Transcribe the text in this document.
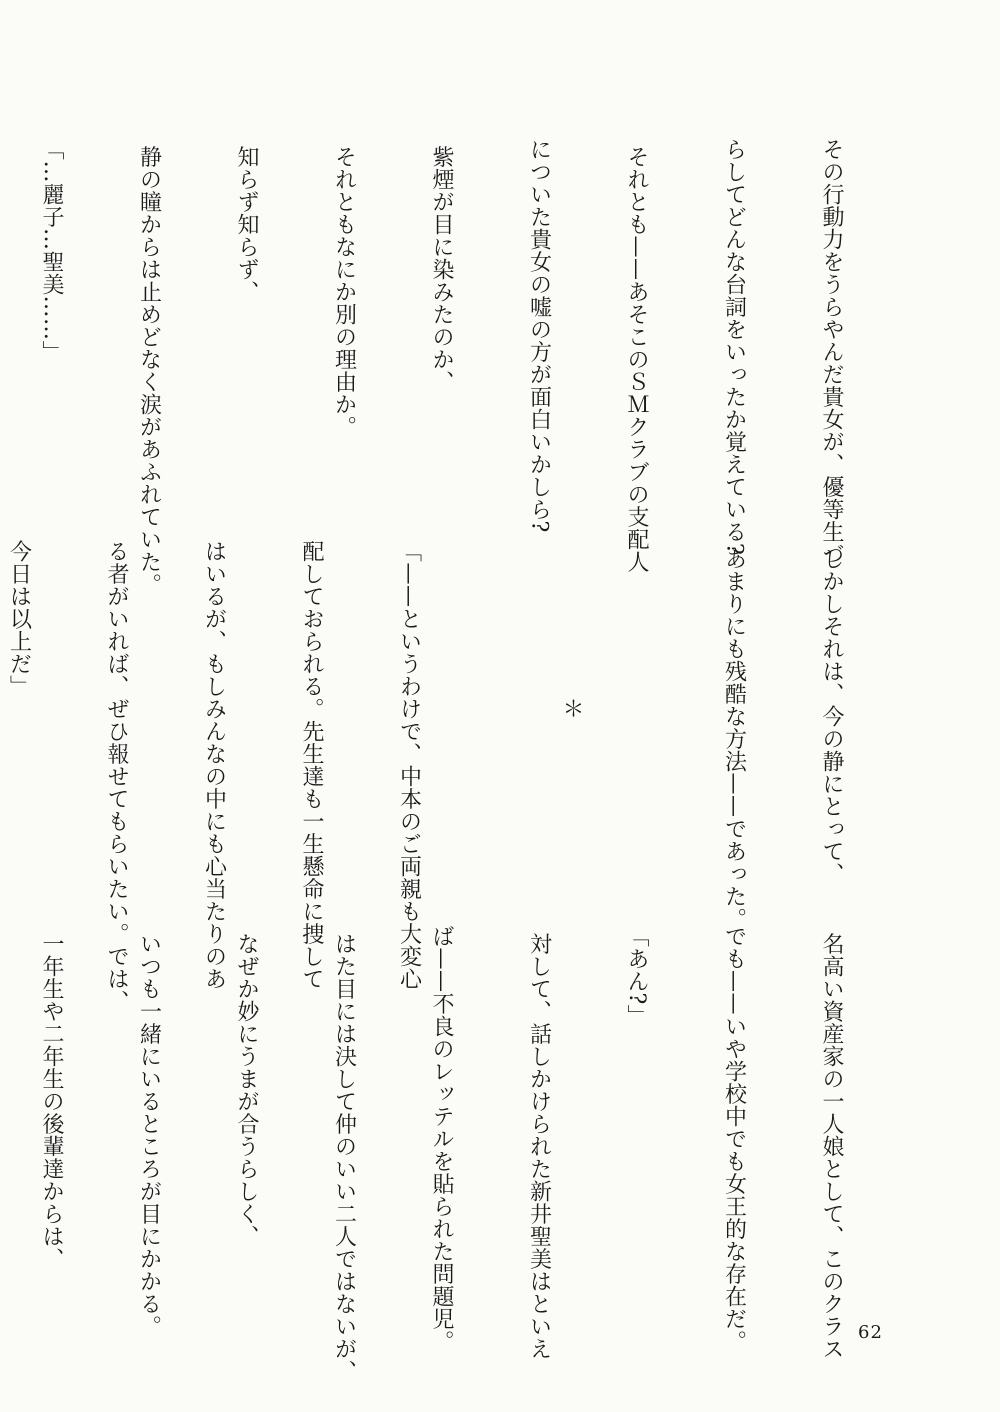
その行動力をうらやんだ貴女が、優等生づ

らしてどんな台詞をいったか覚えている?

それとも——あそこのＳＭクラブの支配人

についた貴女の嘘の方が面白いかしら?

紫煙が目に染みたのか、

それともなにか別の理由か。

知らず知らず、

静の瞳からは止めどなく涙があふれていた。

「…麗子…聖美……」

しかしそれは、今の静にとって、

あまりにも残酷な方法——であった。

　　　　　　　＊

「——というわけで、中本のご両親も大変心

配しておられる。先生達も一生懸命に捜して

はいるが、もしみんなの中にも心当たりのあ

る者がいれば、ぜひ報せてもらいたい。では、

今日は以上だ」

名高い資産家の一人娘として、このクラス

でも——いや学校中でも女王的な存在だ。

「あん?」

対して、話しかけられた新井聖美はといえ

ば——不良のレッテルを貼られた問題児。

はた目には決して仲のいい二人ではないが、

なぜか妙にうまが合うらしく、

いつも一緒にいるところが目にかかる。

一年生や二年生の後輩達からは、

62
